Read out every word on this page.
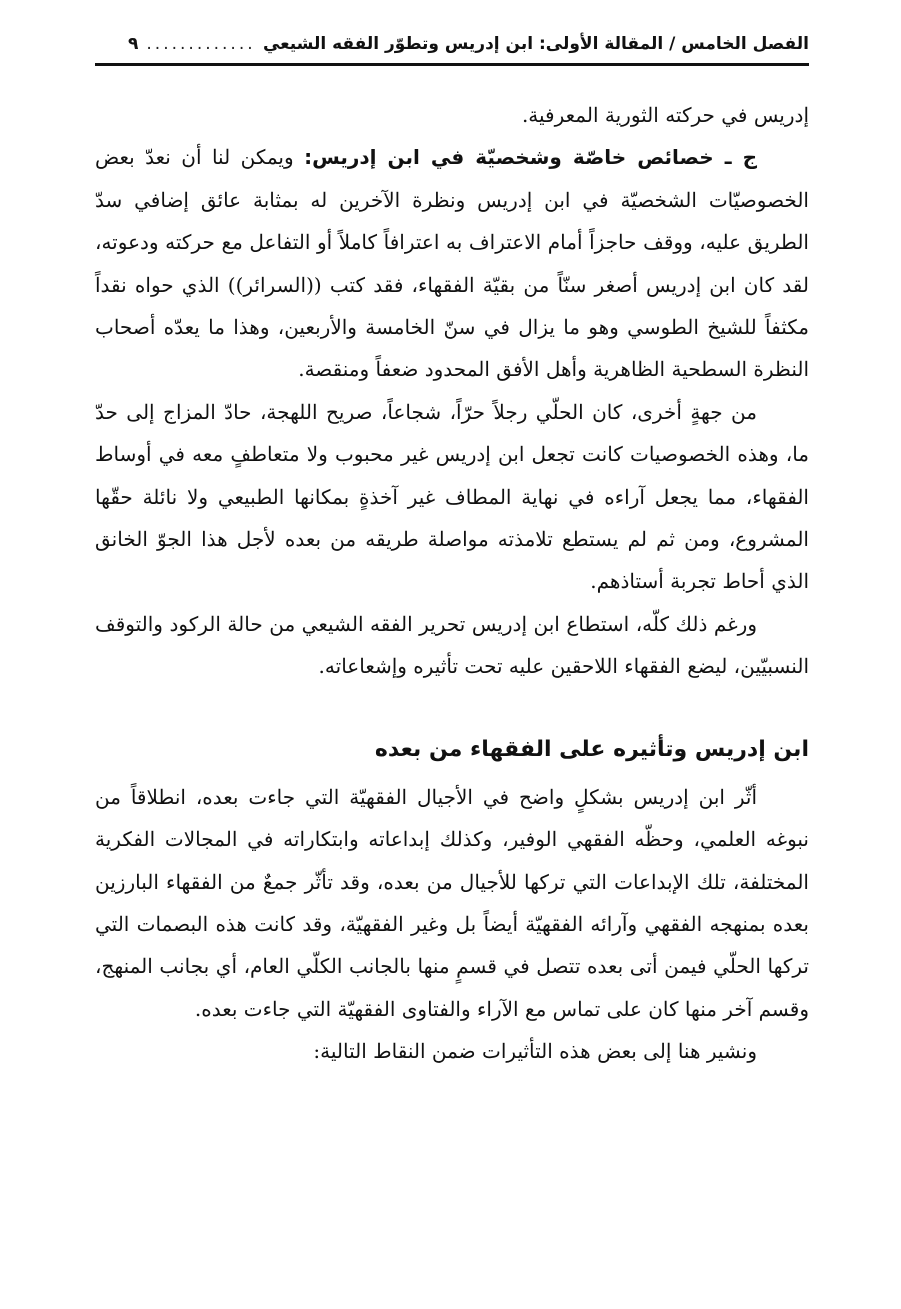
الفصل الخامس / المقالة الأولى: ابن إدريس وتطوّر الفقه الشيعي
.....
٩

إدريس في حركته الثورية المعرفية.

ج ـ خصائص خاصّة وشخصيّة في ابن إدريس: ويمكن لنا أن نعدّ بعض الخصوصيّات الشخصيّة في ابن إدريس ونظرة الآخرين له بمثابة عائق إضافي سدّ الطريق عليه، ووقف حاجزاً أمام الاعتراف به اعترافاً كاملاً أو التفاعل مع حركته ودعوته، لقد كان ابن إدريس أصغر سنّاً من بقيّة الفقهاء، فقد كتب ((السرائر)) الذي حواه نقداً مكثفاً للشيخ الطوسي وهو ما يزال في سنّ الخامسة والأربعين، وهذا ما يعدّه أصحاب النظرة السطحية الظاهرية وأهل الأفق المحدود ضعفاً ومنقصة.

من جهةٍ أخرى، كان الحلّي رجلاً حرّاً، شجاعاً، صريح اللهجة، حادّ المزاج إلى حدّ ما، وهذه الخصوصيات كانت تجعل ابن إدريس غير محبوب ولا متعاطفٍ معه في أوساط الفقهاء، مما يجعل آراءه في نهاية المطاف غير آخذةٍ بمكانها الطبيعي ولا نائلة حقّها المشروع، ومن ثم لم يستطع تلامذته مواصلة طريقه من بعده لأجل هذا الجوّ الخانق الذي أحاط تجربة أستاذهم.

ورغم ذلك كلّه، استطاع ابن إدريس تحرير الفقه الشيعي من حالة الركود والتوقف النسبيّين، ليضع الفقهاء اللاحقين عليه تحت تأثيره وإشعاعاته.

ابن إدريس وتأثيره على الفقهاء من بعده

أثّر ابن إدريس بشكلٍ واضح في الأجيال الفقهيّة التي جاءت بعده، انطلاقاً من نبوغه العلمي، وحظّه الفقهي الوفير، وكذلك إبداعاته وابتكاراته في المجالات الفكرية المختلفة، تلك الإبداعات التي تركها للأجيال من بعده، وقد تأثّر جمعٌ من الفقهاء البارزين بعده بمنهجه الفقهي وآرائه الفقهيّة أيضاً بل وغير الفقهيّة، وقد كانت هذه البصمات التي تركها الحلّي فيمن أتى بعده تتصل في قسمٍ منها بالجانب الكلّي العام، أي بجانب المنهج، وقسم آخر منها كان على تماس مع الآراء والفتاوى الفقهيّة التي جاءت بعده.

ونشير هنا إلى بعض هذه التأثيرات ضمن النقاط التالية:
